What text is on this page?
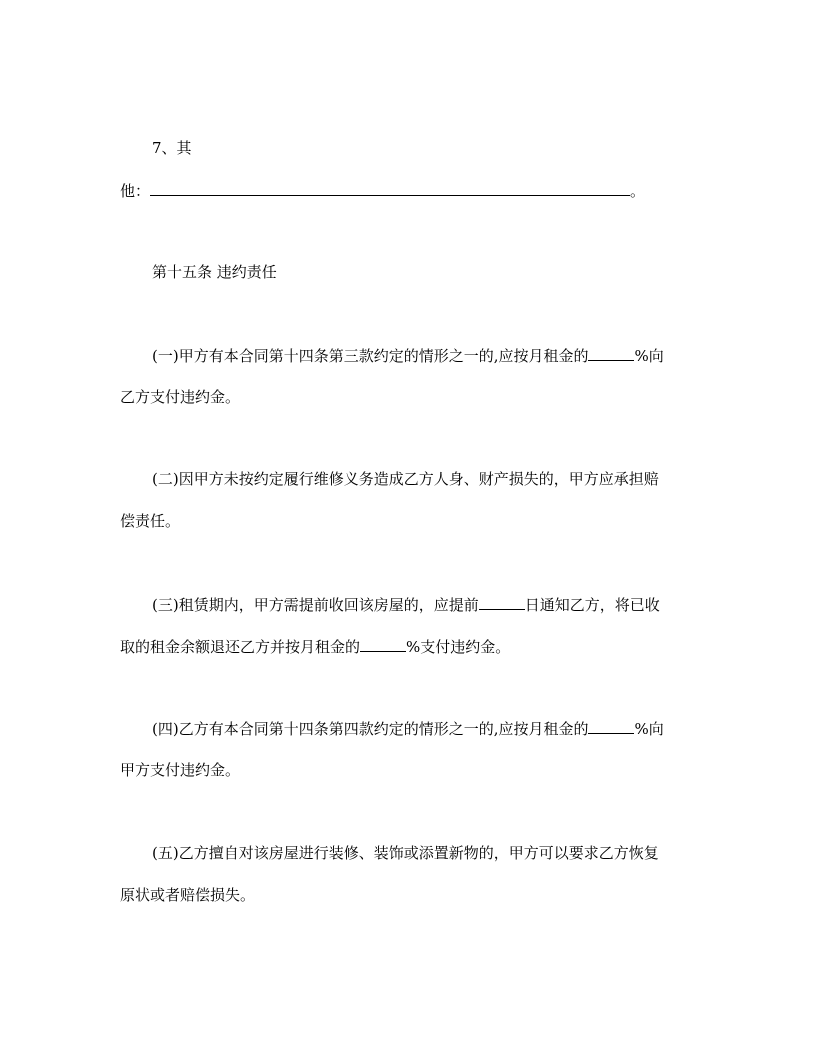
7、其
他：	。
第十五条 违约责任
(一)甲方有本合同第十四条第三款约定的情形之一的,应按月租金的	%向
乙方支付违约金。
(二)因甲方未按约定履行维修义务造成乙方人身、财产损失的，甲方应承担赔
偿责任。
(三)租赁期内，甲方需提前收回该房屋的，应提前	日通知乙方，将已收
取的租金余额退还乙方并按月租金的	%支付违约金。
(四)乙方有本合同第十四条第四款约定的情形之一的,应按月租金的	%向
甲方支付违约金。
(五)乙方擅自对该房屋进行装修、装饰或添置新物的，甲方可以要求乙方恢复
原状或者赔偿损失。
